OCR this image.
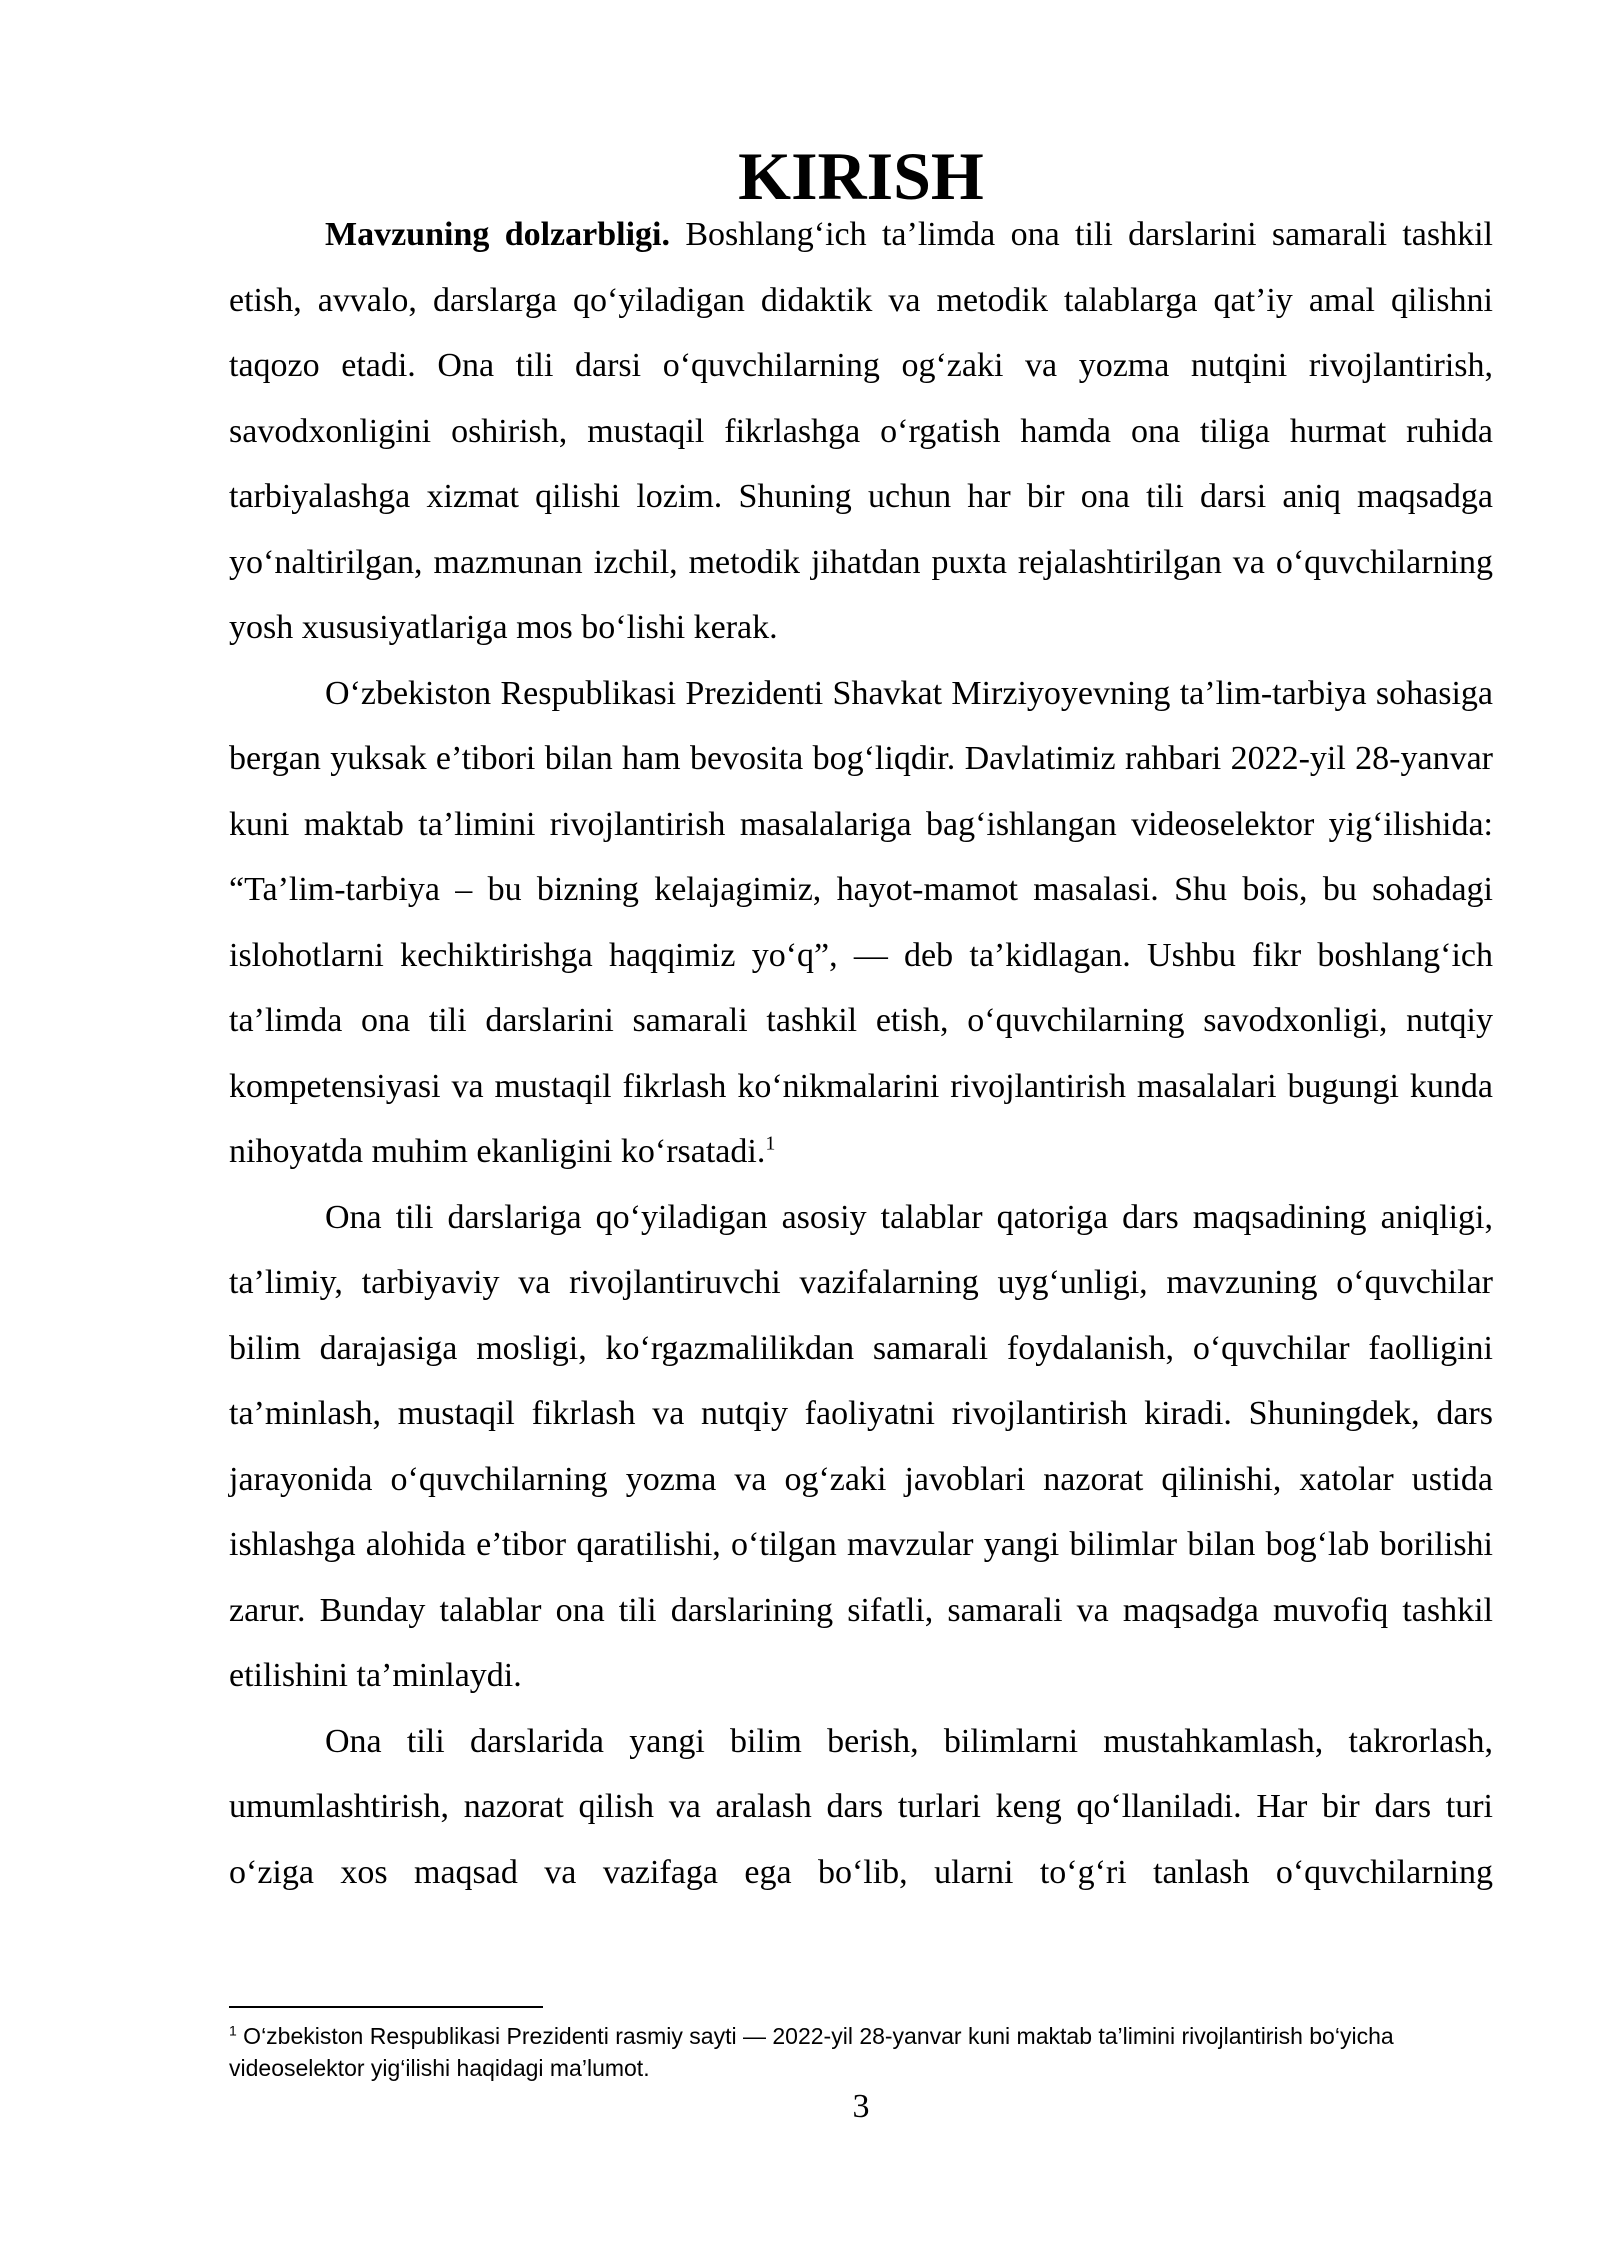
KIRISH

Mavzuning dolzarbligi. Boshlang‘ich ta’limda ona tili darslarini samarali tashkil etish, avvalo, darslarga qo‘yiladigan didaktik va metodik talablarga qat’iy amal qilishni taqozo etadi. Ona tili darsi o‘quvchilarning og‘zaki va yozma nutqini rivojlantirish, savodxonligini oshirish, mustaqil fikrlashga o‘rgatish hamda ona tiliga hurmat ruhida tarbiyalashga xizmat qilishi lozim. Shuning uchun har bir ona tili darsi aniq maqsadga yo‘naltirilgan, mazmunan izchil, metodik jihatdan puxta rejalashtirilgan va o‘quvchilarning yosh xususiyatlariga mos bo‘lishi kerak.

O‘zbekiston Respublikasi Prezidenti Shavkat Mirziyoyevning ta’lim-tarbiya sohasiga bergan yuksak e’tibori bilan ham bevosita bog‘liqdir. Davlatimiz rahbari 2022-yil 28-yanvar kuni maktab ta’limini rivojlantirish masalalariga bag‘ishlangan videoselektor yig‘ilishida: “Ta’lim-tarbiya – bu bizning kelajagimiz, hayot-mamot masalasi. Shu bois, bu sohadagi islohotlarni kechiktirishga haqqimiz yo‘q”, — deb ta’kidlagan. Ushbu fikr boshlang‘ich ta’limda ona tili darslarini samarali tashkil etish, o‘quvchilarning savodxonligi, nutqiy kompetensiyasi va mustaqil fikrlash ko‘nikmalarini rivojlantirish masalalari bugungi kunda nihoyatda muhim ekanligini ko‘rsatadi.$^1$

Ona tili darslariga qo‘yiladigan asosiy talablar qatoriga dars maqsadining aniqligi, ta’limiy, tarbiyaviy va rivojlantiruvchi vazifalarning uyg‘unligi, mavzuning o‘quvchilar bilim darajasiga mosligi, ko‘rgazmalilikdan samarali foydalanish, o‘quvchilar faolligini ta’minlash, mustaqil fikrlash va nutqiy faoliyatni rivojlantirish kiradi. Shuningdek, dars jarayonida o‘quvchilarning yozma va og‘zaki javoblari nazorat qilinishi, xatolar ustida ishlashga alohida e’tibor qaratilishi, o‘tilgan mavzular yangi bilimlar bilan bog‘lab borilishi zarur. Bunday talablar ona tili darslarining sifatli, samarali va maqsadga muvofiq tashkil etilishini ta’minlaydi.

Ona tili darslarida yangi bilim berish, bilimlarni mustahkamlash, takrorlash, umumlashtirish, nazorat qilish va aralash dars turlari keng qo‘llaniladi. Har bir dars turi o‘ziga xos maqsad va vazifaga ega bo‘lib, ularni to‘g‘ri tanlash o‘quvchilarning

$^1$ O‘zbekiston Respublikasi Prezidenti rasmiy sayti — 2022-yil 28-yanvar kuni maktab ta’limini rivojlantirish bo‘yicha videoselektor yig‘ilishi haqidagi ma’lumot.
3
